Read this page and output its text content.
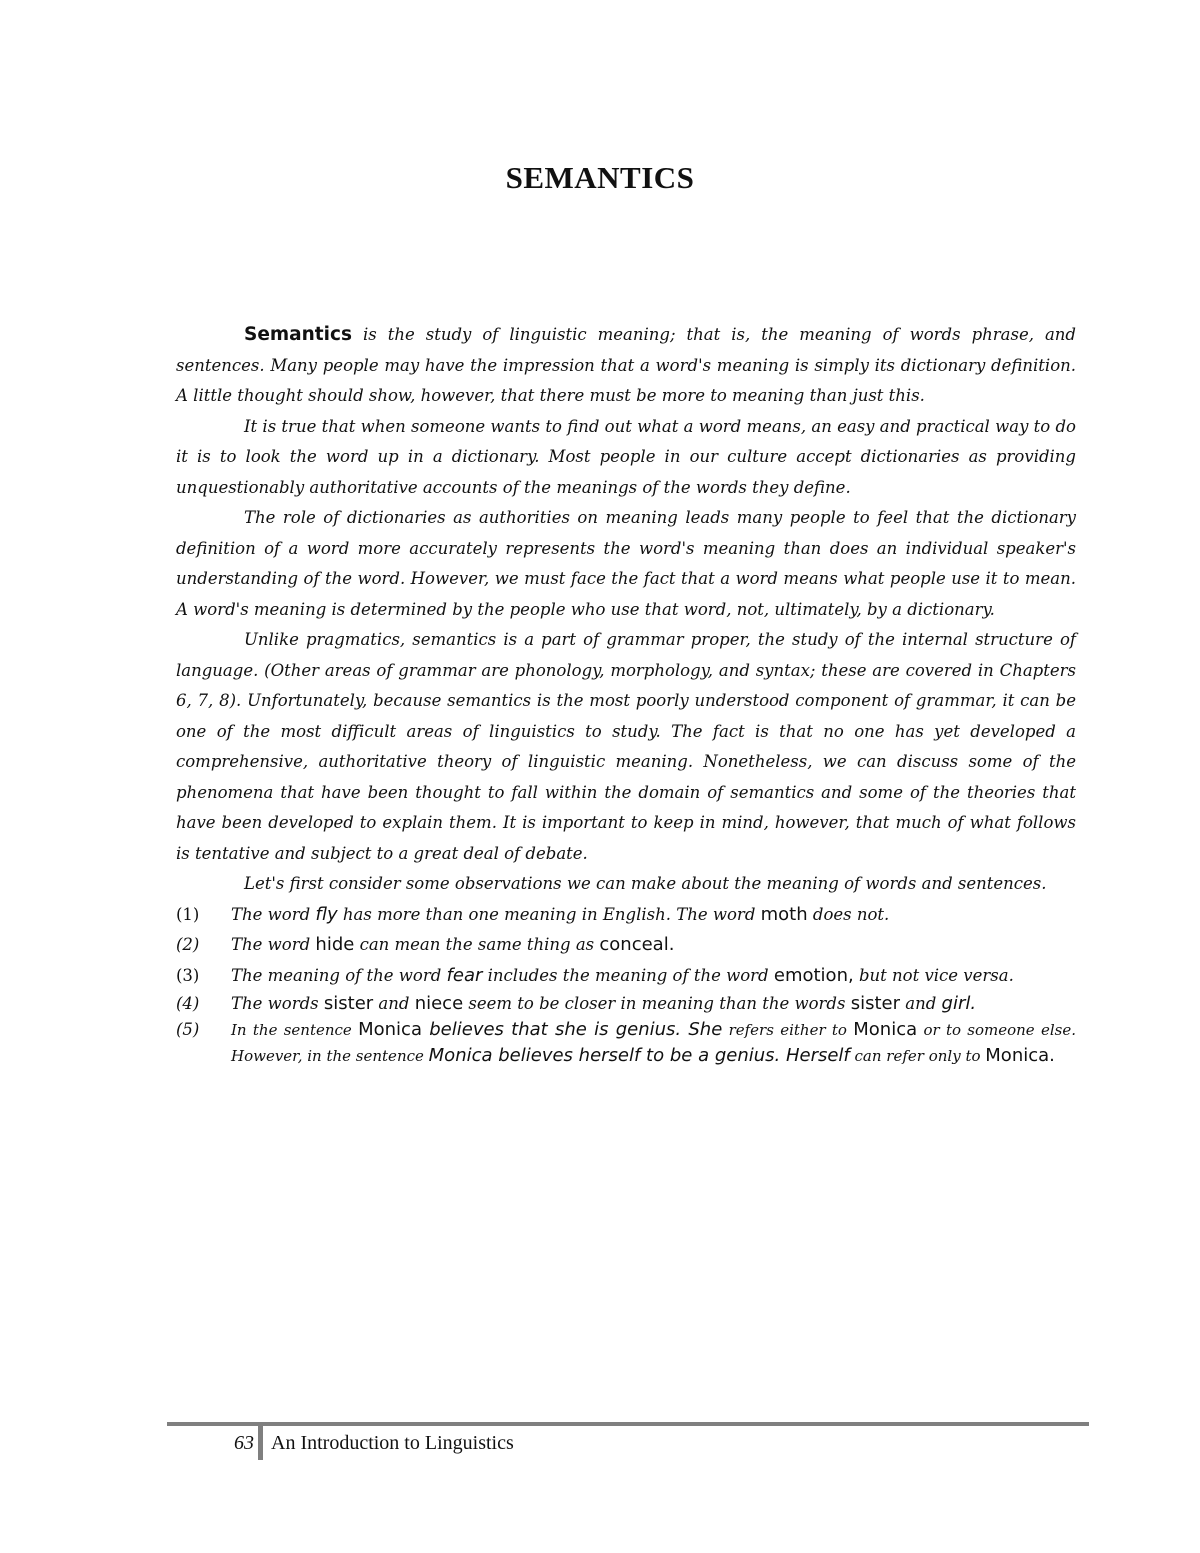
SEMANTICS

Semantics is the study of linguistic meaning; that is, the meaning of words phrase, and sentences. Many people may have the impression that a word's meaning is simply its dictionary definition. A little thought should show, however, that there must be more to meaning than just this.

It is true that when someone wants to find out what a word means, an easy and practical way to do it is to look the word up in a dictionary. Most people in our culture accept dictionaries as providing unquestionably authoritative accounts of the meanings of the words they define.

The role of dictionaries as authorities on meaning leads many people to feel that the dictionary definition of a word more accurately represents the word's meaning than does an individual speaker's understanding of the word. However, we must face the fact that a word means what people use it to mean. A word's meaning is determined by the people who use that word, not, ultimately, by a dictionary.

Unlike pragmatics, semantics is a part of grammar proper, the study of the internal structure of language. (Other areas of grammar are phonology, morphology, and syntax; these are covered in Chapters 6, 7, 8). Unfortunately, because semantics is the most poorly understood component of grammar, it can be one of the most difficult areas of linguistics to study. The fact is that no one has yet developed a comprehensive, authoritative theory of linguistic meaning. Nonetheless, we can discuss some of the phenomena that have been thought to fall within the domain of semantics and some of the theories that have been developed to explain them. It is important to keep in mind, however, that much of what follows is tentative and subject to a great deal of debate.

Let's first consider some observations we can make about the meaning of words and sentences.

(1)	The word fly has more than one meaning in English. The word moth does not.
(2)	The word hide can mean the same thing as conceal.
(3)	The meaning of the word fear includes the meaning of the word emotion, but not vice versa.
(4)	The words sister and niece seem to be closer in meaning than the words sister and girl.
(5)	In the sentence Monica believes that she is genius. She refers either to Monica or to someone else. However, in the sentence Monica believes herself to be a genius. Herself can refer only to Monica.
63 An Introduction to Linguistics
